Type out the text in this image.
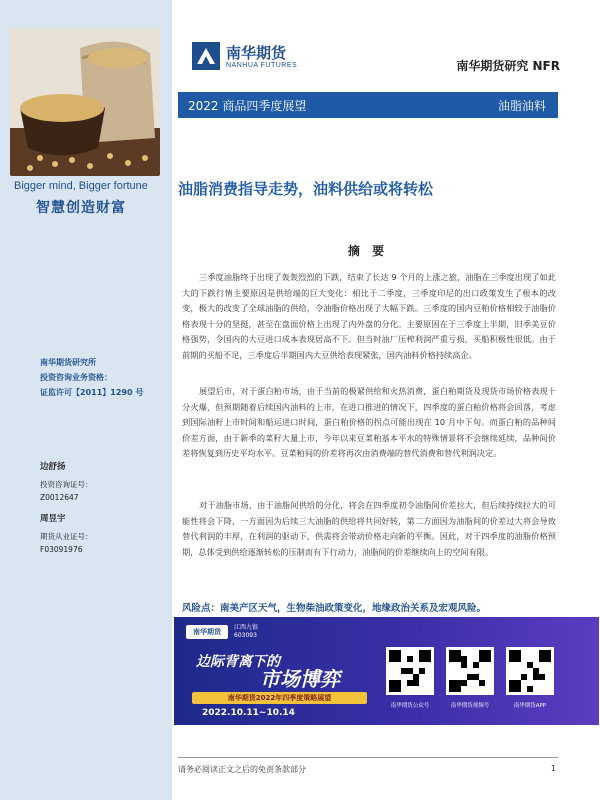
Bigger mind, Bigger fortune
智慧创造财富
南华期货研究所
投资咨询业务资格：
证监许可【2011】1290 号
边舒扬
投资咨询证号：
Z0012647
周昱宇
期货从业证号：
F03091976
南华期货
NANHUA FUTURES	南华期货研究 NFR
2022 商品四季度展望	油脂油料
油脂消费指导走势，油料供给或将转松
摘 要
三季度油脂终于出现了轰轰烈烈的下跌，结束了长达 9 个月的上涨之旅，油脂在三季度出现了如此大的下跌行情主要原因是供给端的巨大变化：相比于二季度，三季度印尼的出口政策发生了根本的改变，极大的改变了全球油脂的供给，令油脂价格出现了大幅下跌。三季度的国内豆粕价格相较于油脂价格表现十分的坚挺，甚至在盘面价格上出现了内外盘的分化。主要原因在于三季度上半期，旧季美豆价格强势，令国内的大豆进口成本表现居高不下。但当时油厂压榨利润严重亏损，买船积极性很低。由于前期的买船不足，三季度后半期国内大豆供给表现紧张，国内油料价格持续高企。
展望后市，对于蛋白粕市场，由于当前的极紧供给和火热消费，蛋白粕期货及现货市场价格表现十分火爆，但预期随着后续国内油料的上市，在进口推进的情况下，四季度的蛋白粕价格将会回落，考虑到国际油籽上市时间和船运进口时间，蛋白粕价格的拐点可能出现在 10 月中下旬。而蛋白粕的品种间价差方面，由于新季的菜籽大量上市，今年以来豆菜粕基本平水的特殊情景将不会继续延续，品种间价差将恢复到历史平均水平。豆菜粕间的价差将再次由消费端的替代消费和替代利润决定。
对于油脂市场，由于油脂间供给的分化，将会在四季度初令油脂间价差拉大，但后续持续拉大的可能性将会下降，一方面因为后续三大油脂的供给将共同好转，第二方面因为油脂间的价差过大将会导致替代利润的丰厚，在利润的驱动下，供需将会带动价格走向新的平衡。因此，对于四季度的油脂价格预期，总体受到供给逐渐转松的压制而有下行动力，油脂间的价差继续向上的空间有限。
风险点：南美产区天气，生物柴油政策变化，地缘政治关系及宏观风险。
南华期货
江西九银
603093
边际背离下的
市场博弈
南华期货2022年四季度策略展望
2022.10.11~10.14
南华期货公众号	南华期货视频号	南华期货APP
请务必阅读正文之后的免责条款部分	1
